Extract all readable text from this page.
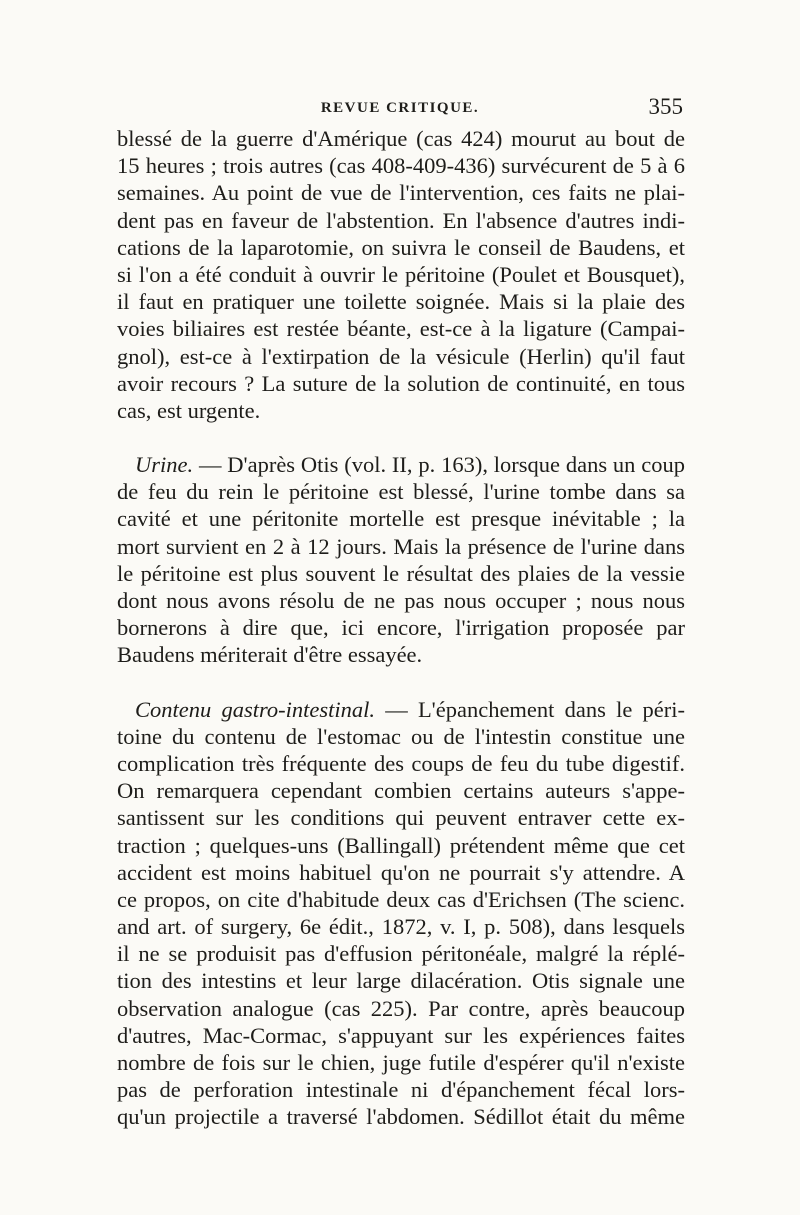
REVUE CRITIQUE.	355
blessé de la guerre d'Amérique (cas 424) mourut au bout de
15 heures ; trois autres (cas 408-409-436) survécurent de 5 à 6
semaines. Au point de vue de l'intervention, ces faits ne plai-
dent pas en faveur de l'abstention. En l'absence d'autres indi-
cations de la laparotomie, on suivra le conseil de Baudens, et
si l'on a été conduit à ouvrir le péritoine (Poulet et Bousquet),
il faut en pratiquer une toilette soignée. Mais si la plaie des
voies biliaires est restée béante, est-ce à la ligature (Campai-
gnol), est-ce à l'extirpation de la vésicule (Herlin) qu'il faut
avoir recours ? La suture de la solution de continuité, en tous
cas, est urgente.
Urine. — D'après Otis (vol. II, p. 163), lorsque dans un coup
de feu du rein le péritoine est blessé, l'urine tombe dans sa
cavité et une péritonite mortelle est presque inévitable ; la
mort survient en 2 à 12 jours. Mais la présence de l'urine dans
le péritoine est plus souvent le résultat des plaies de la vessie
dont nous avons résolu de ne pas nous occuper ; nous nous
bornerons à dire que, ici encore, l'irrigation proposée par
Baudens mériterait d'être essayée.
Contenu gastro-intestinal. — L'épanchement dans le péri-
toine du contenu de l'estomac ou de l'intestin constitue une
complication très fréquente des coups de feu du tube digestif.
On remarquera cependant combien certains auteurs s'appe-
santissent sur les conditions qui peuvent entraver cette ex-
traction ; quelques-uns (Ballingall) prétendent même que cet
accident est moins habituel qu'on ne pourrait s'y attendre. A
ce propos, on cite d'habitude deux cas d'Erichsen (The scienc.
and art. of surgery, 6e édit., 1872, v. I, p. 508), dans lesquels
il ne se produisit pas d'effusion péritonéale, malgré la réplé-
tion des intestins et leur large dilacération. Otis signale une
observation analogue (cas 225). Par contre, après beaucoup
d'autres, Mac-Cormac, s'appuyant sur les expériences faites
nombre de fois sur le chien, juge futile d'espérer qu'il n'existe
pas de perforation intestinale ni d'épanchement fécal lors-
qu'un projectile a traversé l'abdomen. Sédillot était du même
